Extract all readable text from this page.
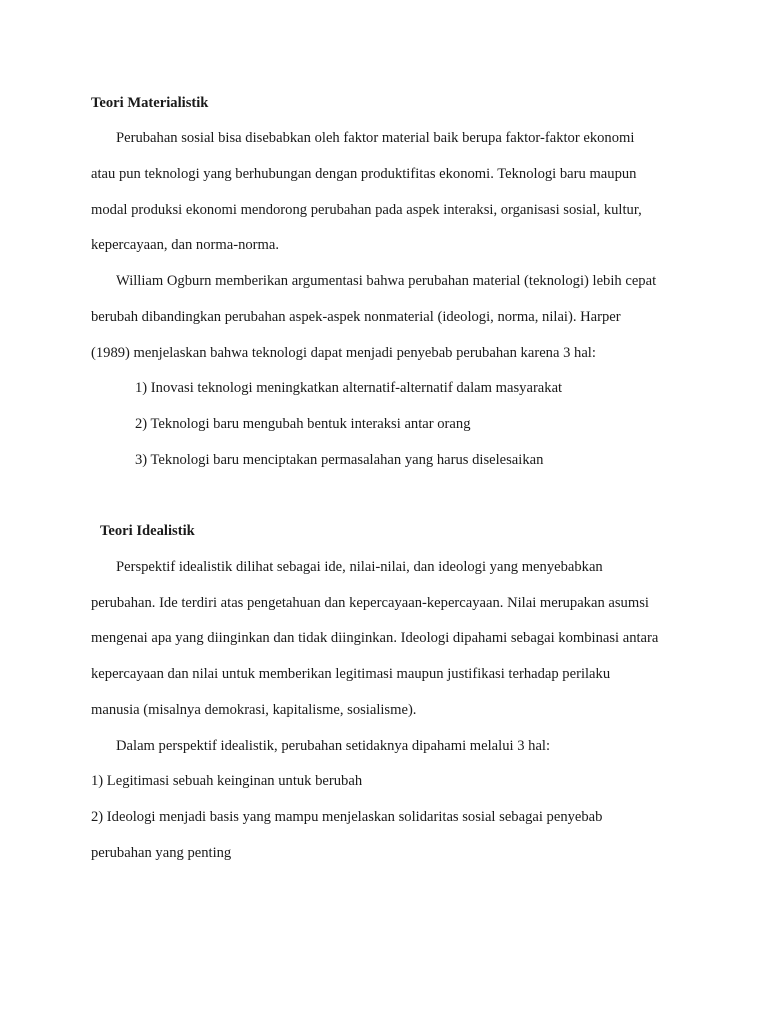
Teori Materialistik
Perubahan sosial bisa disebabkan oleh faktor material baik berupa faktor-faktor ekonomi
atau pun teknologi yang berhubungan dengan produktifitas ekonomi. Teknologi baru maupun
modal produksi ekonomi mendorong perubahan pada aspek interaksi, organisasi sosial, kultur,
kepercayaan, dan norma-norma.
William Ogburn memberikan argumentasi bahwa perubahan material (teknologi) lebih cepat
berubah dibandingkan perubahan aspek-aspek nonmaterial (ideologi, norma, nilai). Harper
(1989) menjelaskan bahwa teknologi dapat menjadi penyebab perubahan karena 3 hal:
1) Inovasi teknologi meningkatkan alternatif-alternatif dalam masyarakat
2) Teknologi baru mengubah bentuk interaksi antar orang
3) Teknologi baru menciptakan permasalahan yang harus diselesaikan
Teori Idealistik
Perspektif idealistik dilihat sebagai ide, nilai-nilai, dan ideologi yang menyebabkan
perubahan. Ide terdiri atas pengetahuan dan kepercayaan-kepercayaan. Nilai merupakan asumsi
mengenai apa yang diinginkan dan tidak diinginkan. Ideologi dipahami sebagai kombinasi antara
kepercayaan dan nilai untuk memberikan legitimasi maupun justifikasi terhadap perilaku
manusia (misalnya demokrasi, kapitalisme, sosialisme).
Dalam perspektif idealistik, perubahan setidaknya dipahami melalui 3 hal:
1) Legitimasi sebuah keinginan untuk berubah
2) Ideologi menjadi basis yang mampu menjelaskan solidaritas sosial sebagai penyebab
perubahan yang penting
